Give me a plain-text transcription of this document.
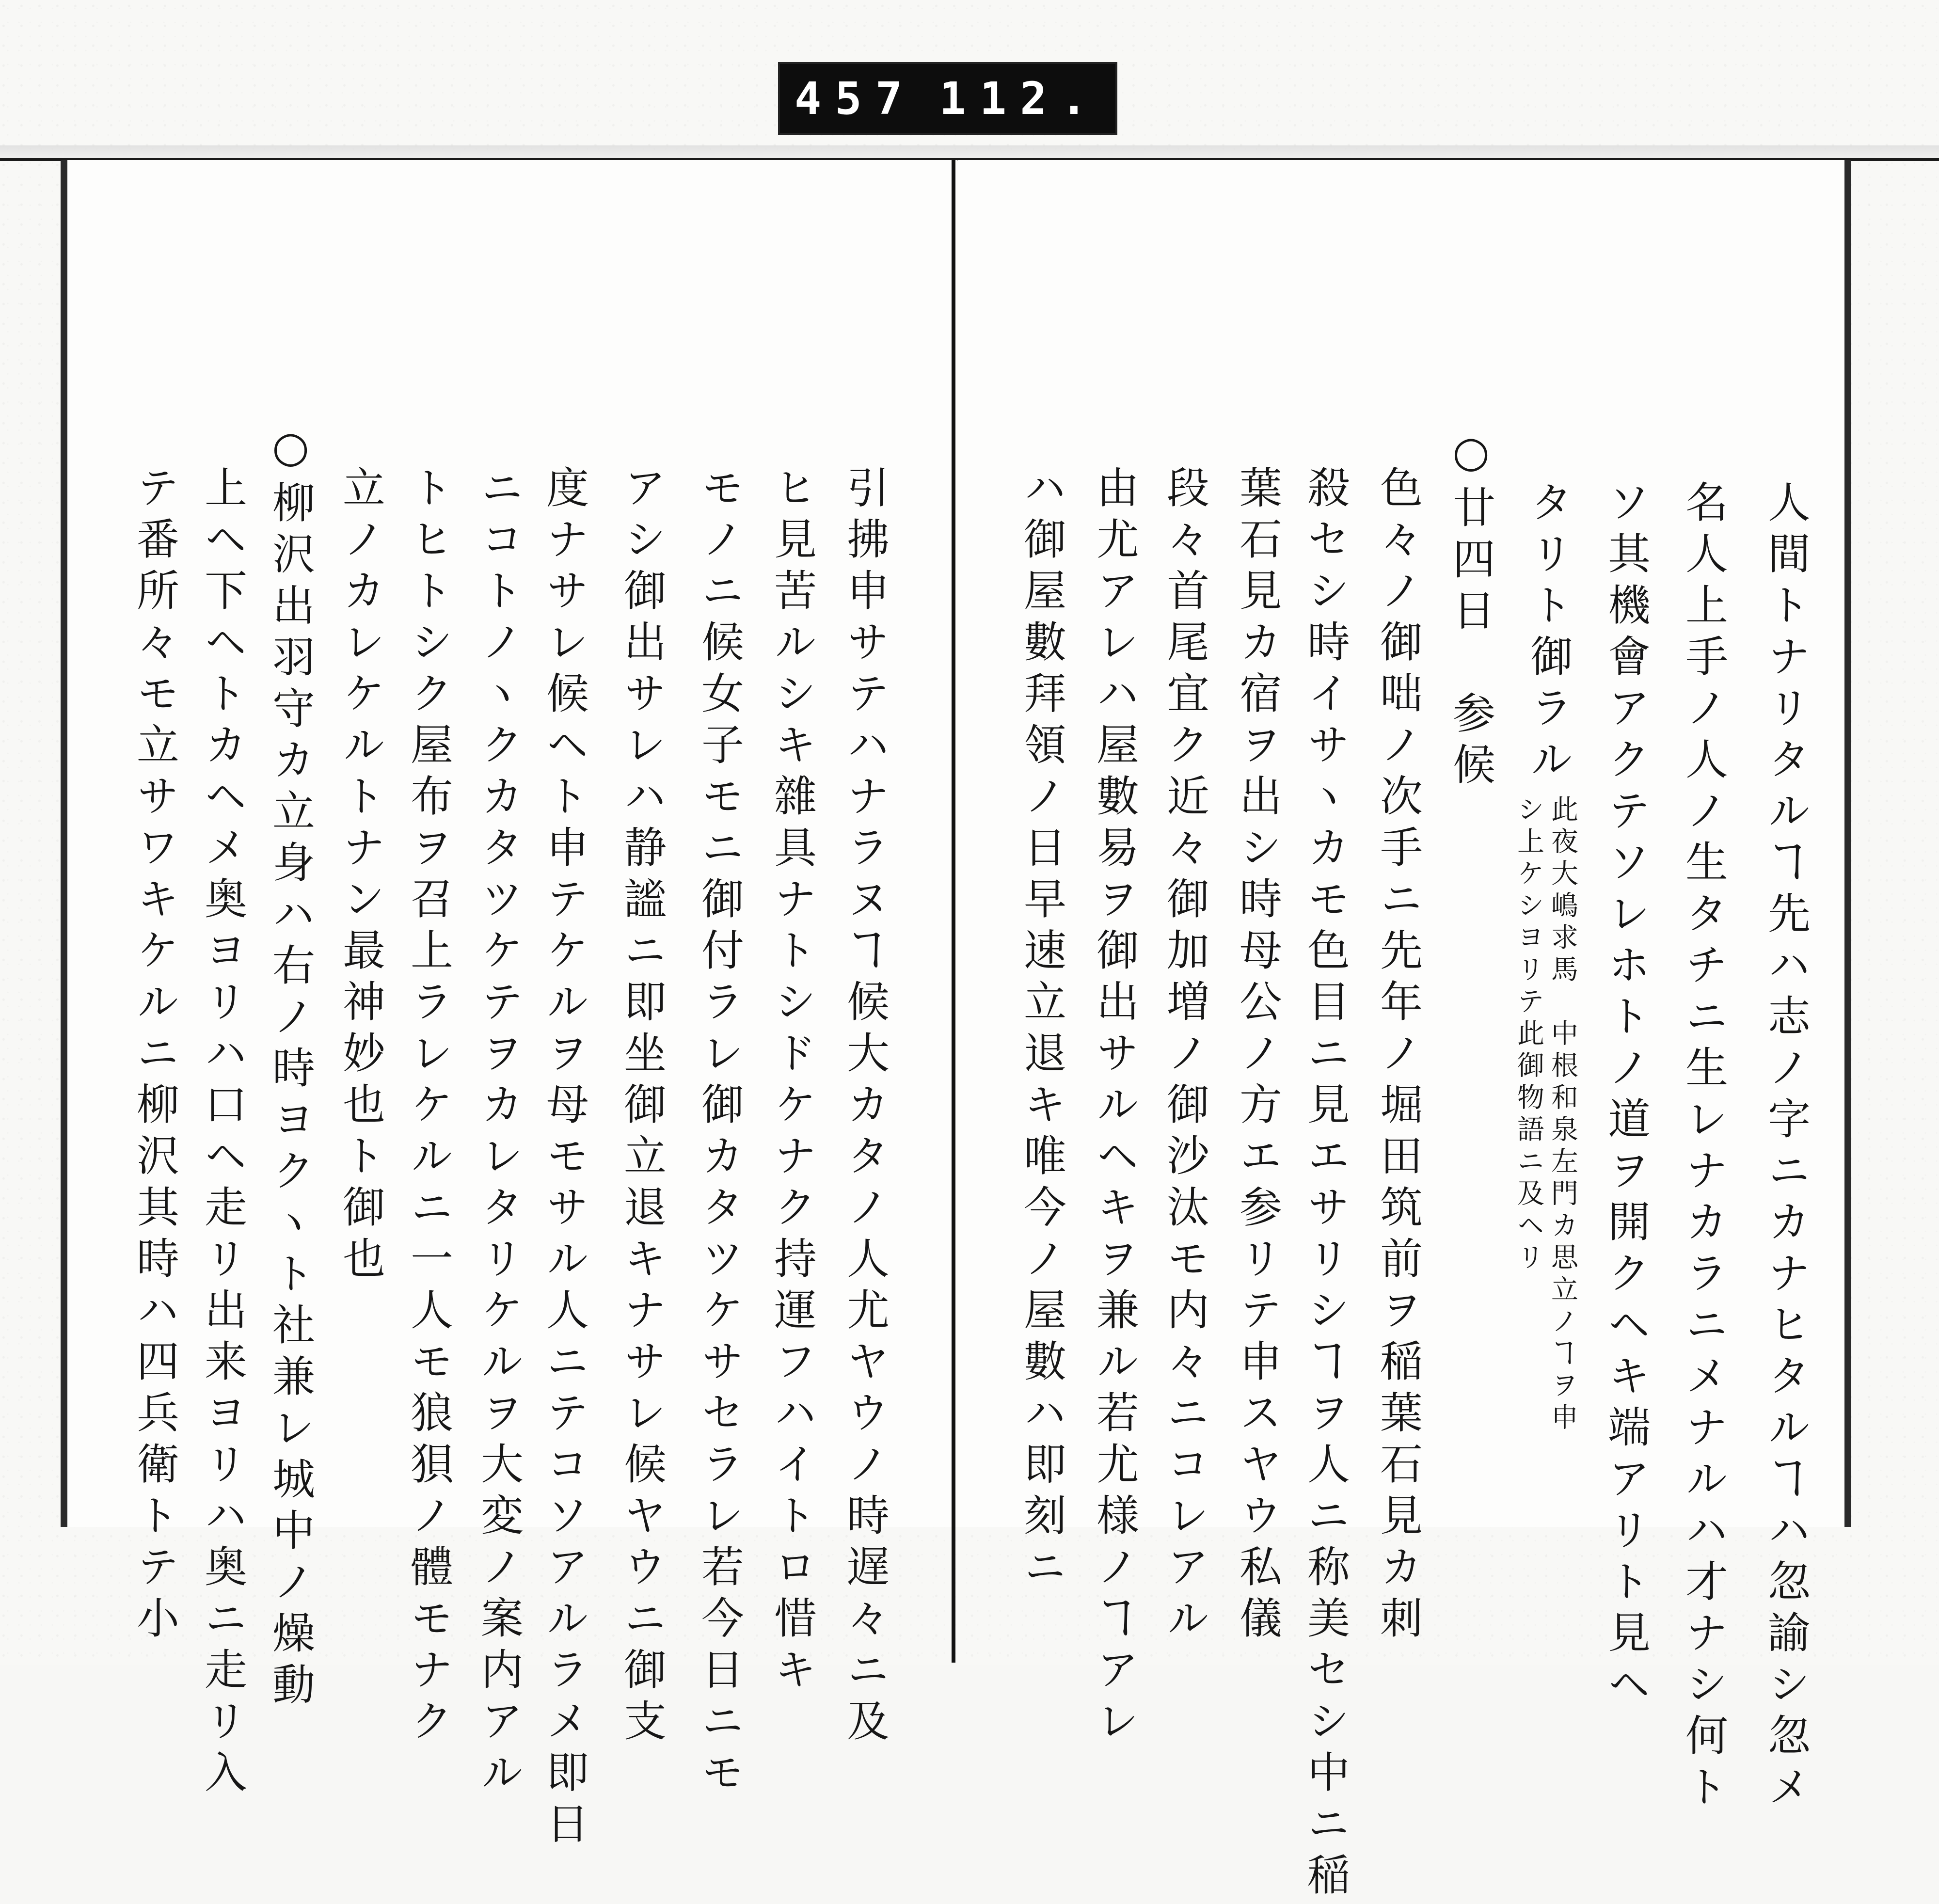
457 112.
人間トナリタルヿ先ハ志ノ字ニカナヒタルヿハ忽諭シ忽メ
名人上手ノ人ノ生タチニ生レナカラニメナルハ才ナシ何ト
ソ其機會アクテソレホトノ道ヲ開クヘキ端アリト見ヘ
タリト御ラル
此夜大嶋求馬　中根和泉左門カ思立ノヿヲ申
シ上ケシヨリテ此御物語ニ及ヘリ
○廿四日　参候
色々ノ御咄ノ次手ニ先年ノ堀田筑前ヲ稲葉石見カ刺
殺セシ時イサヽカモ色目ニ見エサリシヿヲ人ニ称美セシ中ニ稲
葉石見カ宿ヲ出シ時母公ノ方エ参リテ申スヤウ私儀
段々首尾宜ク近々御加増ノ御沙汰モ内々ニコレアル
由尤アレハ屋數易ヲ御出サルヘキヲ兼ル若尤様ノヿアレ
ハ御屋數拜領ノ日早速立退キ唯今ノ屋數ハ即刻ニ
引拂申サテハナラヌヿ候大カタノ人尤ヤウノ時遅々ニ及
ヒ見苦ルシキ雜具ナトシドケナク持運フハイトロ惜キ
モノニ候女子モニ御付ラレ御カタツケサセラレ若今日ニモ
アシ御出サレハ静謐ニ即坐御立退キナサレ候ヤウニ御支
度ナサレ候ヘト申テケルヲ母モサル人ニテコソアルラメ即日
ニコトノヽクカタツケテヲカレタリケルヲ大変ノ案内アル
トヒトシク屋布ヲ召上ラレケルニ一人モ狼狽ノ體モナク
立ノカレケルトナン最神妙也ト御也
○柳沢出羽守カ立身ハ右ノ時ヨクヽト社兼レ城中ノ燥動
上ヘ下ヘトカヘメ奥ヨリハ口ヘ走リ出来ヨリハ奥ニ走リ入
テ番所々モ立サワキケルニ柳沢其時ハ四兵衛トテ小
